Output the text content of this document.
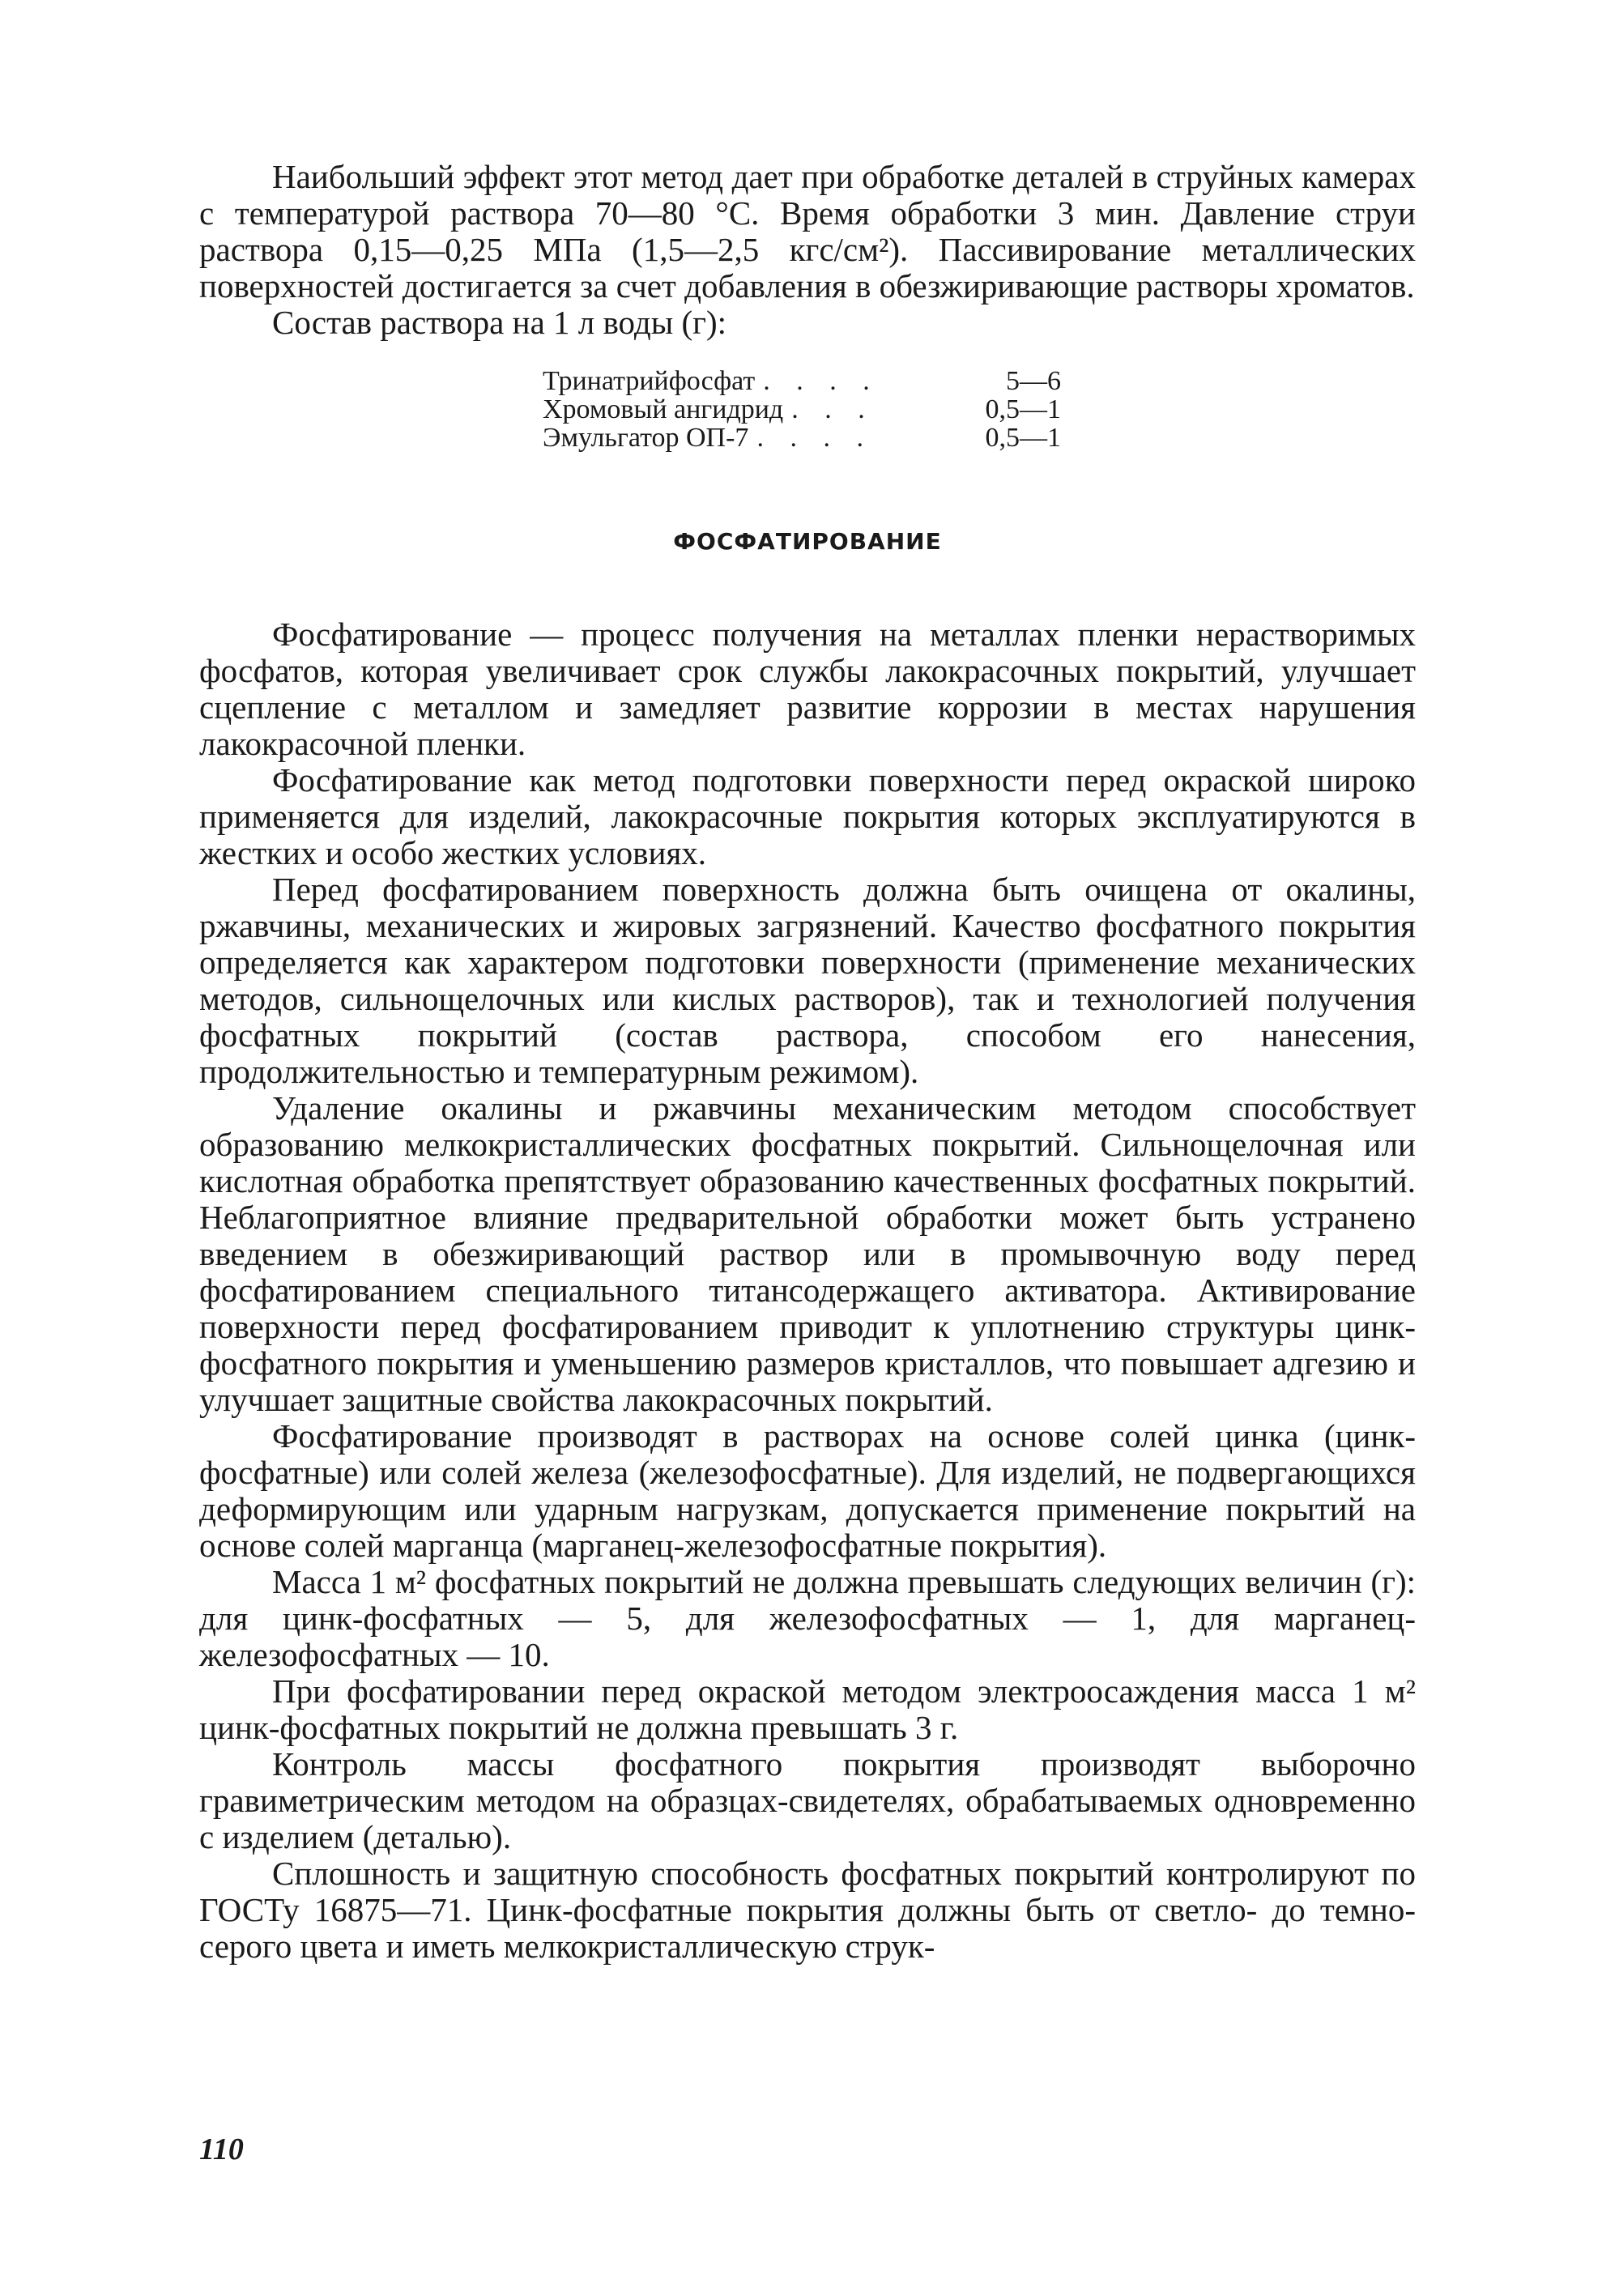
Наибольший эффект этот метод дает при обработке деталей в струйных камерах с температурой раствора 70—80 °С. Время обработки 3 мин. Давление струи раствора 0,15—0,25 МПа (1,5—2,5 кгс/см²). Пассивирование металлических поверхностей достигается за счет добавления в обезжиривающие растворы хроматов.

Состав раствора на 1 л воды (г):

Тринатрийфосфат . . . .	5—6
Хромовый ангидрид . . .	0,5—1
Эмульгатор ОП-7 . . . .	0,5—1
ФОСФАТИРОВАНИЕ

Фосфатирование — процесс получения на металлах пленки нерастворимых фосфатов, которая увеличивает срок службы лакокрасочных покрытий, улучшает сцепление с металлом и замедляет развитие коррозии в местах нарушения лакокрасочной пленки.

Фосфатирование как метод подготовки поверхности перед окраской широко применяется для изделий, лакокрасочные покрытия которых эксплуатируются в жестких и особо жестких условиях.

Перед фосфатированием поверхность должна быть очищена от окалины, ржавчины, механических и жировых загрязнений. Качество фосфатного покрытия определяется как характером подготовки поверхности (применение механических методов, сильнощелочных или кислых растворов), так и технологией получения фосфатных покрытий (состав раствора, способом его нанесения, продолжительностью и температурным режимом).

Удаление окалины и ржавчины механическим методом способствует образованию мелкокристаллических фосфатных покрытий. Сильнощелочная или кислотная обработка препятствует образованию качественных фосфатных покрытий. Неблагоприятное влияние предварительной обработки может быть устранено введением в обезжиривающий раствор или в промывочную воду перед фосфатированием специального титансодержащего активатора. Активирование поверхности перед фосфатированием приводит к уплотнению структуры цинк-фосфатного покрытия и уменьшению размеров кристаллов, что повышает адгезию и улучшает защитные свойства лакокрасочных покрытий.

Фосфатирование производят в растворах на основе солей цинка (цинк-фосфатные) или солей железа (железофосфатные). Для изделий, не подвергающихся деформирующим или ударным нагрузкам, допускается применение покрытий на основе солей марганца (марганец-железофосфатные покрытия).

Масса 1 м² фосфатных покрытий не должна превышать следующих величин (г): для цинк-фосфатных — 5, для железофосфатных — 1, для марганец-железофосфатных — 10.

При фосфатировании перед окраской методом электроосаждения масса 1 м² цинк-фосфатных покрытий не должна превышать 3 г.

Контроль массы фосфатного покрытия производят выборочно гравиметрическим методом на образцах-свидетелях, обрабатываемых одновременно с изделием (деталью).

Сплошность и защитную способность фосфатных покрытий контролируют по ГОСТу 16875—71. Цинк-фосфатные покрытия должны быть от светло- до темно-серого цвета и иметь мелкокристаллическую струк-

110
